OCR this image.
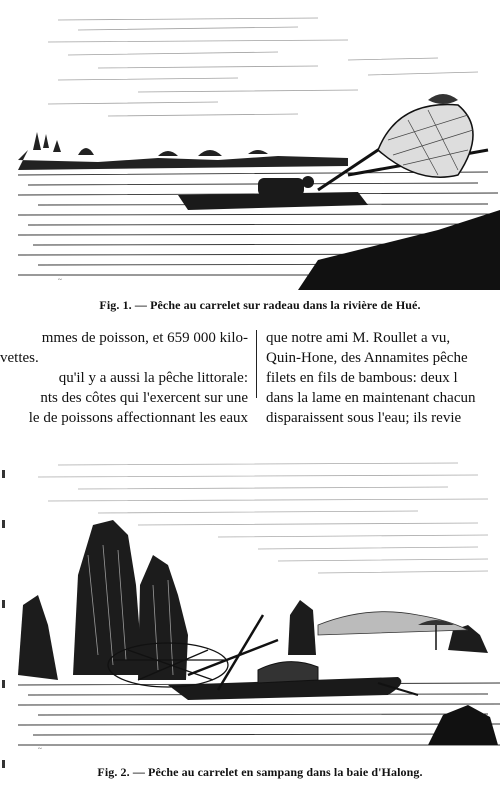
~
Fig. 1. — Pêche au carrelet sur radeau dans la rivière de Hué.
mmes de poisson, et 659 000 kilo-
vettes.
qu'il y a aussi la pêche littorale:
nts des côtes qui l'exercent sur une
le de poissons affectionnant les eaux
que notre ami M. Roullet a vu,
Quin-Hone, des Annamites pêche
filets en fils de bambous: deux l
dans la lame en maintenant chacun
disparaissent sous l'eau; ils revie
~
Fig. 2. — Pêche au carrelet en sampang dans la baie d'Halong.
